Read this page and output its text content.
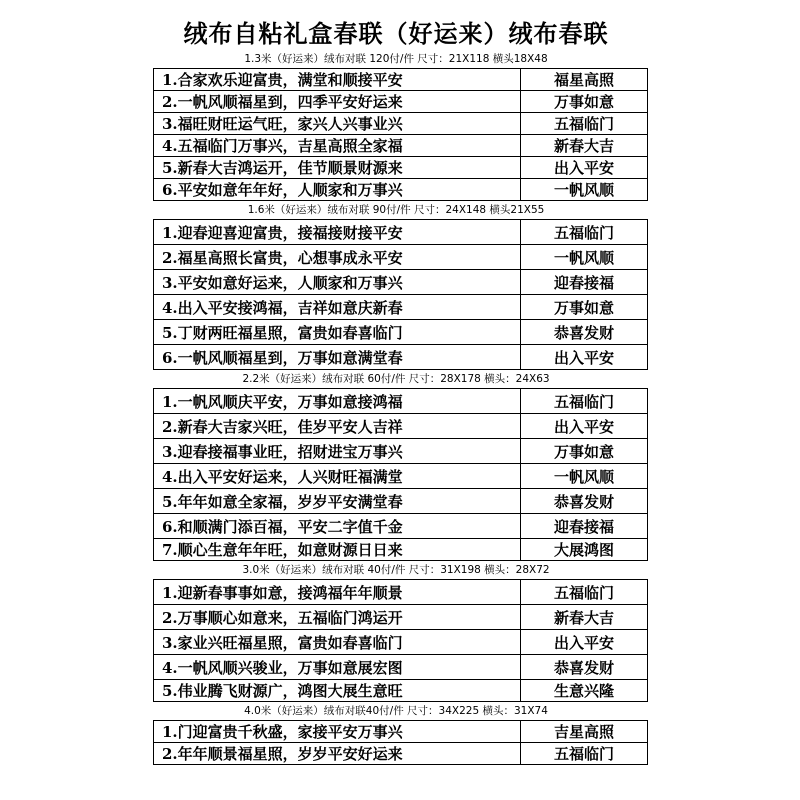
绒布自粘礼盒春联（好运来）绒布春联
1.3米（好运来）绒布对联 120付/件 尺寸：21X118 横头18X48
1.合家欢乐迎富贵，满堂和顺接平安	福星高照
2.一帆风顺福星到，四季平安好运来	万事如意
3.福旺财旺运气旺，家兴人兴事业兴	五福临门
4.五福临门万事兴，吉星高照全家福	新春大吉
5.新春大吉鸿运开，佳节顺景财源来	出入平安
6.平安如意年年好，人顺家和万事兴	一帆风顺
1.6米（好运来）绒布对联 90付/件 尺寸：24X148 横头21X55
1.迎春迎喜迎富贵，接福接财接平安	五福临门
2.福星高照长富贵，心想事成永平安	一帆风顺
3.平安如意好运来，人顺家和万事兴	迎春接福
4.出入平安接鸿福，吉祥如意庆新春	万事如意
5.丁财两旺福星照，富贵如春喜临门	恭喜发财
6.一帆风顺福星到，万事如意满堂春	出入平安
2.2米（好运来）绒布对联 60付/件 尺寸：28X178 横头：24X63
1.一帆风顺庆平安，万事如意接鸿福	五福临门
2.新春大吉家兴旺，佳岁平安人吉祥	出入平安
3.迎春接福事业旺，招财进宝万事兴	万事如意
4.出入平安好运来，人兴财旺福满堂	一帆风顺
5.年年如意全家福，岁岁平安满堂春	恭喜发财
6.和顺满门添百福，平安二字值千金	迎春接福
7.顺心生意年年旺，如意财源日日来	大展鸿图
3.0米（好运来）绒布对联 40付/件 尺寸：31X198 横头：28X72
1.迎新春事事如意，接鸿福年年顺景	五福临门
2.万事顺心如意来，五福临门鸿运开	新春大吉
3.家业兴旺福星照，富贵如春喜临门	出入平安
4.一帆风顺兴骏业，万事如意展宏图	恭喜发财
5.伟业腾飞财源广，鸿图大展生意旺	生意兴隆
4.0米（好运来）绒布对联40付/件 尺寸：34X225 横头：31X74
1.门迎富贵千秋盛，家接平安万事兴	吉星高照
2.年年顺景福星照，岁岁平安好运来	五福临门
